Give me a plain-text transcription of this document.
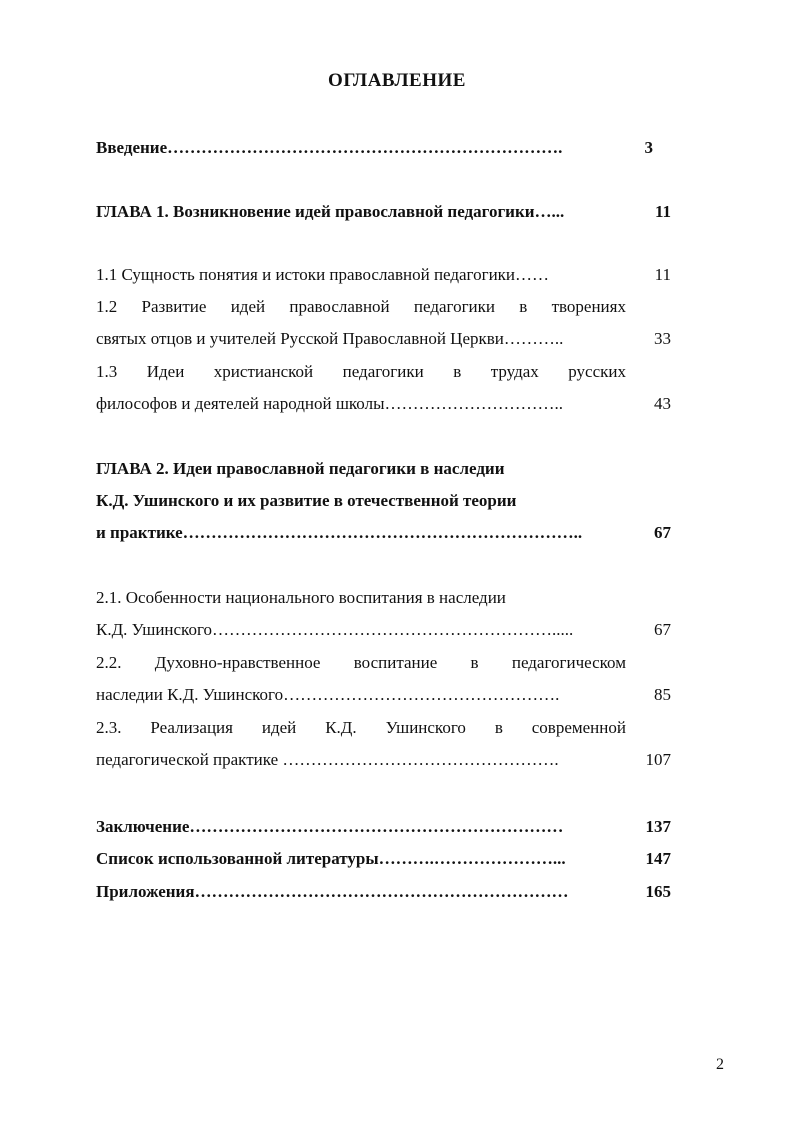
ОГЛАВЛЕНИЕ
Введение…………………………………………………………….	3
ГЛАВА 1. Возникновение идей православной педагогики…...	11
1.1 Сущность понятия и истоки православной педагогики……	11
1.2 Развитие идей православной педагогики в творениях
святых отцов и учителей Русской Православной Церкви………..	33
1.3 Идеи христианской педагогики в трудах русских
философов и деятелей народной школы…………………………..	43
ГЛАВА 2. Идеи православной педагогики в наследии
К.Д. Ушинского и их развитие в отечественной теории
и практике……………………………………………………………..	67
2.1. Особенности национального воспитания в наследии
К.Д. Ушинского…………………………………………………….....	67
2.2. Духовно-нравственное воспитание в педагогическом
наследии К.Д. Ушинского………………………………………….	85
2.3. Реализация идей К.Д. Ушинского в современной
педагогической практике ………………………………………….	107
Заключение…………………………………………………………	137
Список использованной литературы……….…………………...	147
Приложения…………………………………………………………	165
2
